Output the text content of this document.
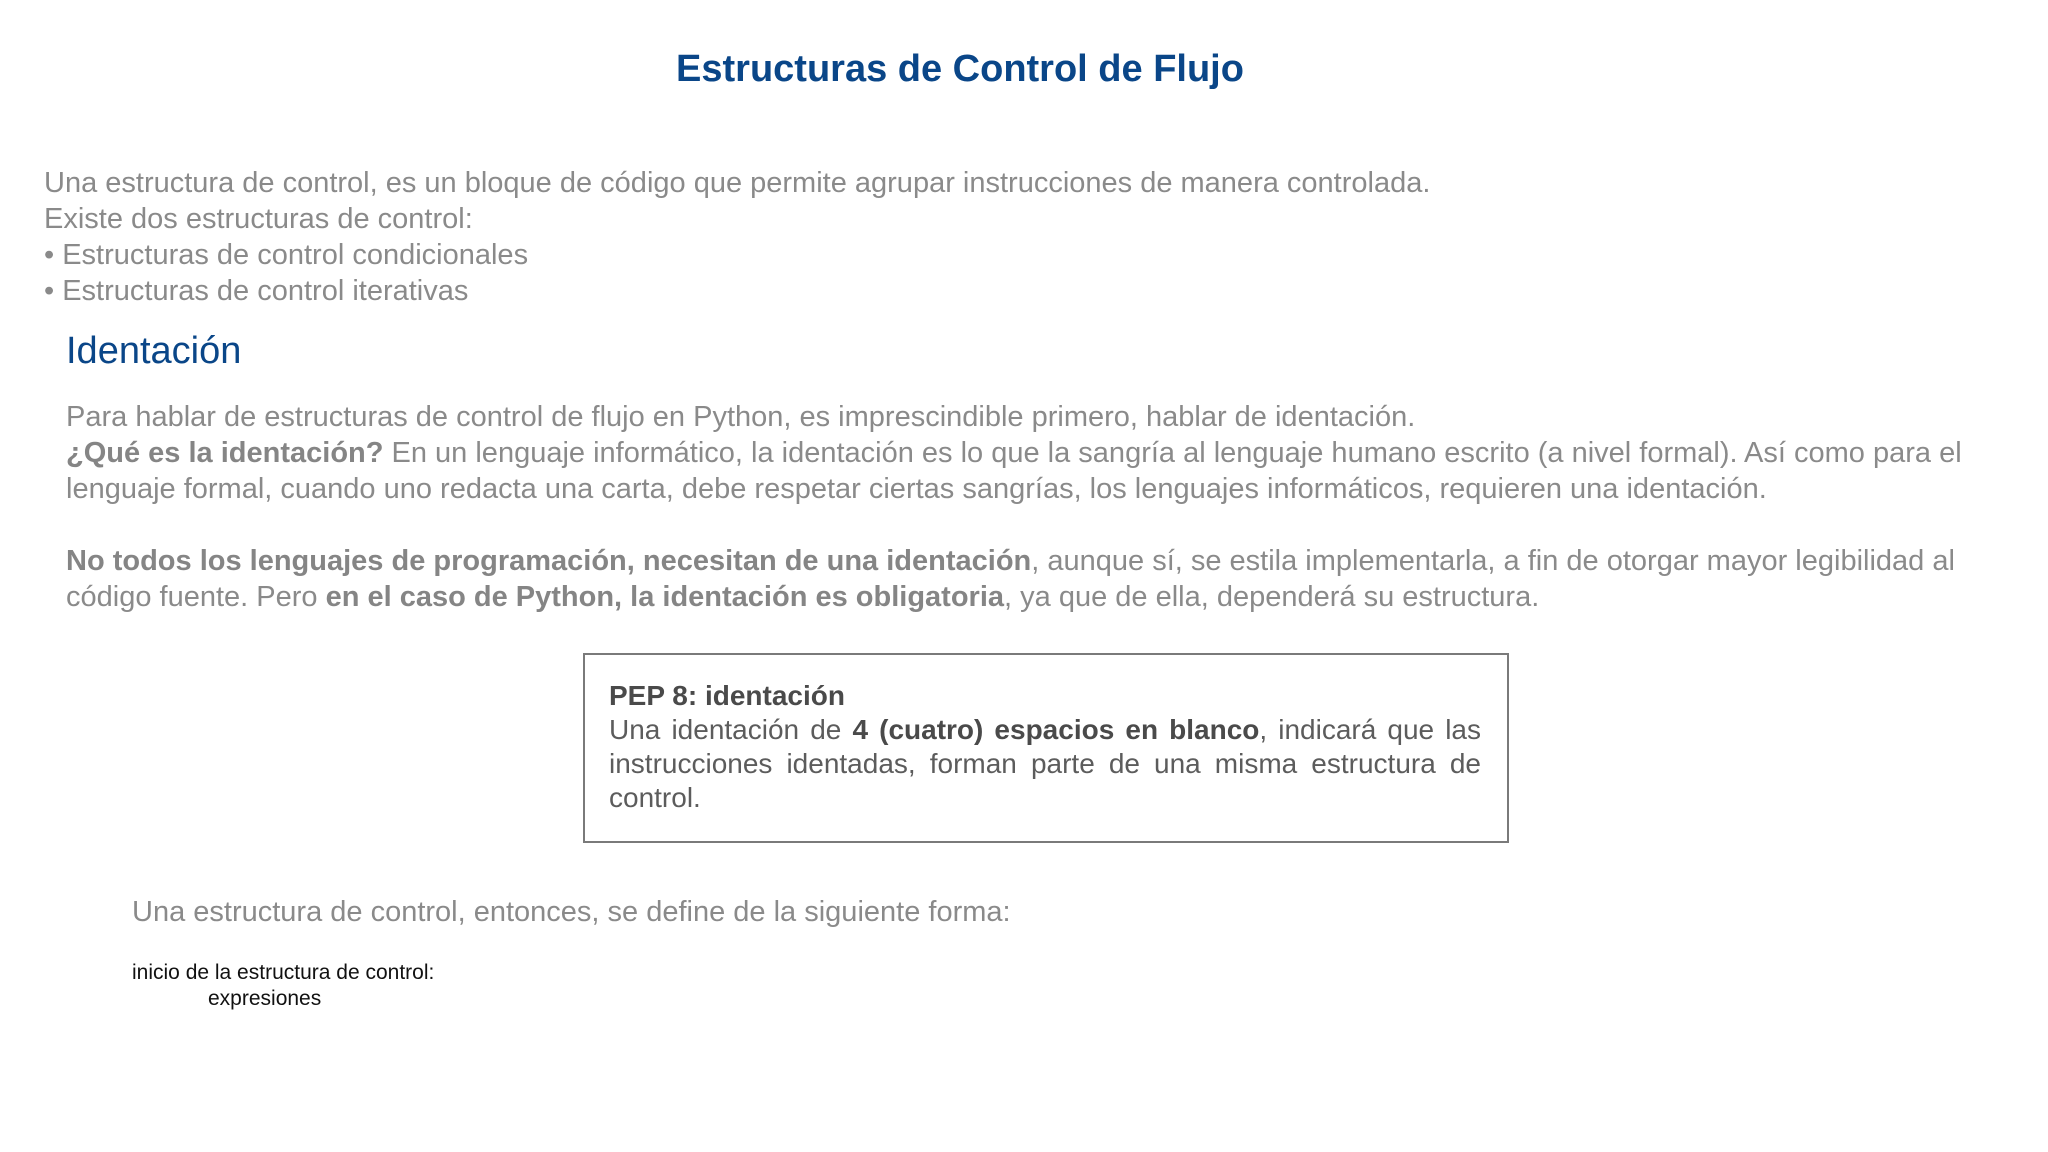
Estructuras de Control de Flujo
Una estructura de control, es un bloque de código que permite agrupar instrucciones de manera controlada.
Existe dos estructuras de control:
• Estructuras de control condicionales
• Estructuras de control iterativas
Identación

Para hablar de estructuras de control de flujo en Python, es imprescindible primero, hablar de identación.

¿Qué es la identación? En un lenguaje informático, la identación es lo que la sangría al lenguaje humano escrito (a nivel formal). Así como para el lenguaje formal, cuando uno redacta una carta, debe respetar ciertas sangrías, los lenguajes informáticos, requieren una identación.

No todos los lenguajes de programación, necesitan de una identación, aunque sí, se estila implementarla, a fin de otorgar mayor legibilidad al código fuente. Pero en el caso de Python, la identación es obligatoria, ya que de ella, dependerá su estructura.

PEP 8: identación
Una identación de 4 (cuatro) espacios en blanco, indicará que las instrucciones identadas, forman parte de una misma estructura de control.

Una estructura de control, entonces, se define de la siguiente forma:

inicio de la estructura de control:
expresiones
